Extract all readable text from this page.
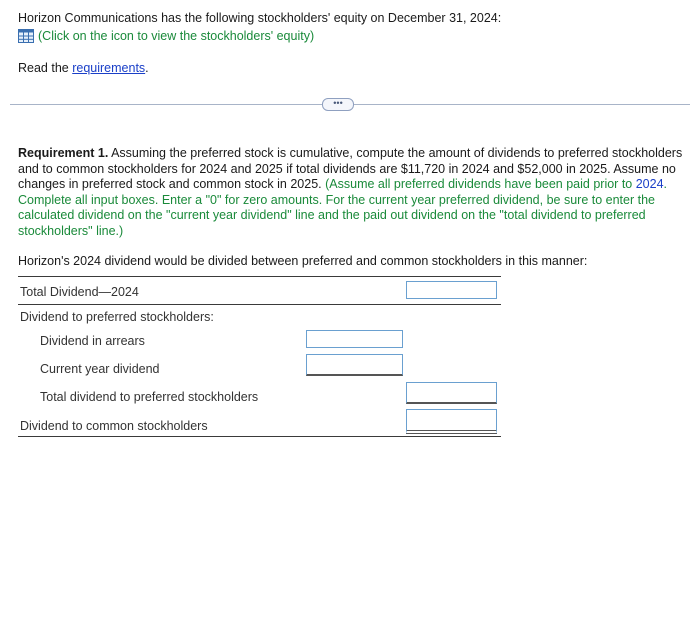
Horizon Communications has the following stockholders' equity on December 31, 2024:
(Click on the icon to view the stockholders' equity)
Read the requirements.
•••
Requirement 1. Assuming the preferred stock is cumulative, compute the amount of dividends to preferred stockholders and to common stockholders for 2024 and 2025 if total dividends are $11,720 in 2024 and $52,000 in 2025. Assume no changes in preferred stock and common stock in 2025. (Assume all preferred dividends have been paid prior to 2024. Complete all input boxes. Enter a "0" for zero amounts. For the current year preferred dividend, be sure to enter the calculated dividend on the "current year dividend" line and the paid out dividend on the "total dividend to preferred stockholders" line.)
Horizon's 2024 dividend would be divided between preferred and common stockholders in this manner:
Total Dividend—2024
Dividend to preferred stockholders:
Dividend in arrears
Current year dividend
Total dividend to preferred stockholders
Dividend to common stockholders
